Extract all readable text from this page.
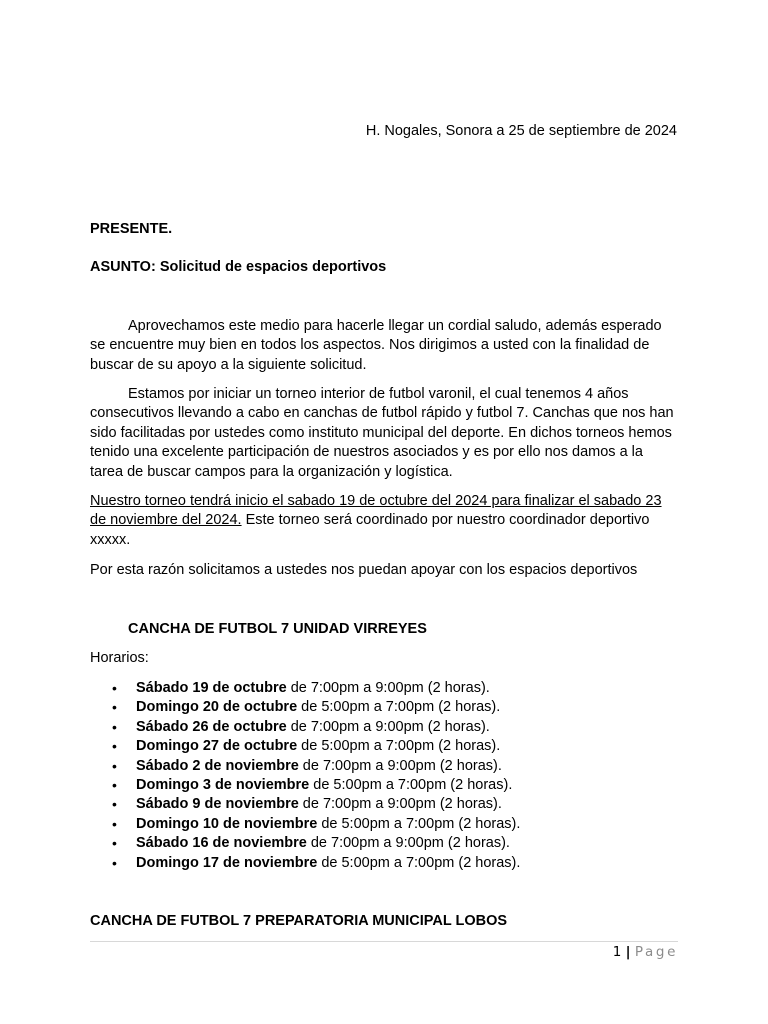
H. Nogales, Sonora a 25 de septiembre de 2024
PRESENTE.
ASUNTO: Solicitud de espacios deportivos

Aprovechamos este medio para hacerle llegar un cordial saludo, además esperado se encuentre muy bien en todos los aspectos. Nos dirigimos a usted con la finalidad de buscar de su apoyo a la siguiente solicitud.

Estamos por iniciar un torneo interior de futbol varonil, el cual tenemos 4 años consecutivos llevando a cabo en canchas de futbol rápido y futbol 7. Canchas que nos han sido facilitadas por ustedes como instituto municipal del deporte. En dichos torneos hemos tenido una excelente participación de nuestros asociados y es por ello nos damos a la tarea de buscar campos para la organización y logística.

Nuestro torneo tendrá inicio el sabado 19 de octubre del 2024 para finalizar el sabado 23 de noviembre del 2024. Este torneo será coordinado por nuestro coordinador deportivo xxxxx.

Por esta razón solicitamos a ustedes nos puedan apoyar con los espacios deportivos

CANCHA DE FUTBOL 7 UNIDAD VIRREYES
Horarios:
• Sábado 19 de octubre de 7:00pm a 9:00pm (2 horas).
• Domingo 20 de octubre de 5:00pm a 7:00pm (2 horas).
• Sábado 26 de octubre de 7:00pm a 9:00pm (2 horas).
• Domingo 27 de octubre de 5:00pm a 7:00pm (2 horas).
• Sábado 2 de noviembre de 7:00pm a 9:00pm (2 horas).
• Domingo 3 de noviembre de 5:00pm a 7:00pm (2 horas).
• Sábado 9 de noviembre de 7:00pm a 9:00pm (2 horas).
• Domingo 10 de noviembre de 5:00pm a 7:00pm (2 horas).
• Sábado 16 de noviembre de 7:00pm a 9:00pm (2 horas).
• Domingo 17 de noviembre de 5:00pm a 7:00pm (2 horas).
CANCHA DE FUTBOL 7 PREPARATORIA MUNICIPAL LOBOS
1 | Page
